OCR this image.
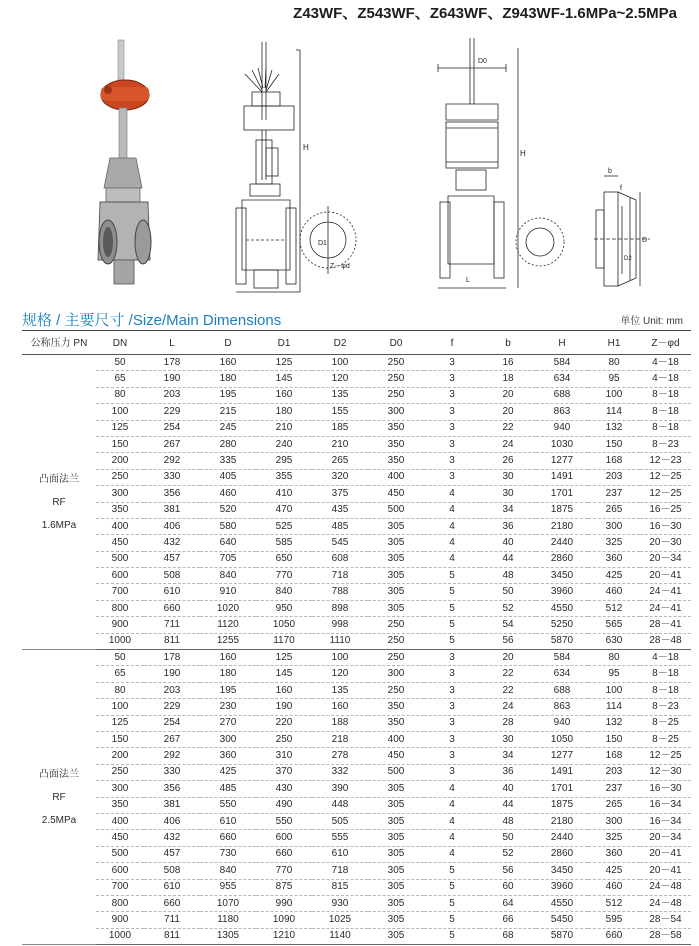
Z43WF、Z543WF、Z643WF、Z943WF-1.6MPa~2.5MPa
H
D1
Z－φd
D0
H
L
b
f
D
D2
规格 / 主要尺寸 /Size/Main Dimensions	单位 Unit: mm
公称压力 PN	DN	L	D	D1	D2	D0	f	b	H	H1	Z－φd

凸面法兰
RF
1.6MPa	50	178	160	125	100	250	3	16	584	80	4－18
	65	190	180	145	120	250	3	18	634	95	4－18
	80	203	195	160	135	250	3	20	688	100	8－18
	100	229	215	180	155	300	3	20	863	114	8－18
	125	254	245	210	185	350	3	22	940	132	8－18
	150	267	280	240	210	350	3	24	1030	150	8－23
	200	292	335	295	265	350	3	26	1277	168	12－23
	250	330	405	355	320	400	3	30	1491	203	12－25
	300	356	460	410	375	450	4	30	1701	237	12－25
	350	381	520	470	435	500	4	34	1875	265	16－25
	400	406	580	525	485	305	4	36	2180	300	16－30
	450	432	640	585	545	305	4	40	2440	325	20－30
	500	457	705	650	608	305	4	44	2860	360	20－34
	600	508	840	770	718	305	5	48	3450	425	20－41
	700	610	910	840	788	305	5	50	3960	460	24－41
	800	660	1020	950	898	305	5	52	4550	512	24－41
	900	711	1120	1050	998	250	5	54	5250	565	28－41
	1000	811	1255	1170	1110	250	5	56	5870	630	28－48

凸面法兰
RF
2.5MPa	50	178	160	125	100	250	3	20	584	80	4－18
	65	190	180	145	120	300	3	22	634	95	8－18
	80	203	195	160	135	250	3	22	688	100	8－18
	100	229	230	190	160	350	3	24	863	114	8－23
	125	254	270	220	188	350	3	28	940	132	8－25
	150	267	300	250	218	400	3	30	1050	150	8－25
	200	292	360	310	278	450	3	34	1277	168	12－25
	250	330	425	370	332	500	3	36	1491	203	12－30
	300	356	485	430	390	305	4	40	1701	237	16－30
	350	381	550	490	448	305	4	44	1875	265	16－34
	400	406	610	550	505	305	4	48	2180	300	16－34
	450	432	660	600	555	305	4	50	2440	325	20－34
	500	457	730	660	610	305	4	52	2860	360	20－41
	600	508	840	770	718	305	5	56	3450	425	20－41
	700	610	955	875	815	305	5	60	3960	460	24－48
	800	660	1070	990	930	305	5	64	4550	512	24－48
	900	711	1180	1090	1025	305	5	66	5450	595	28－54
	1000	811	1305	1210	1140	305	5	68	5870	660	28－58
